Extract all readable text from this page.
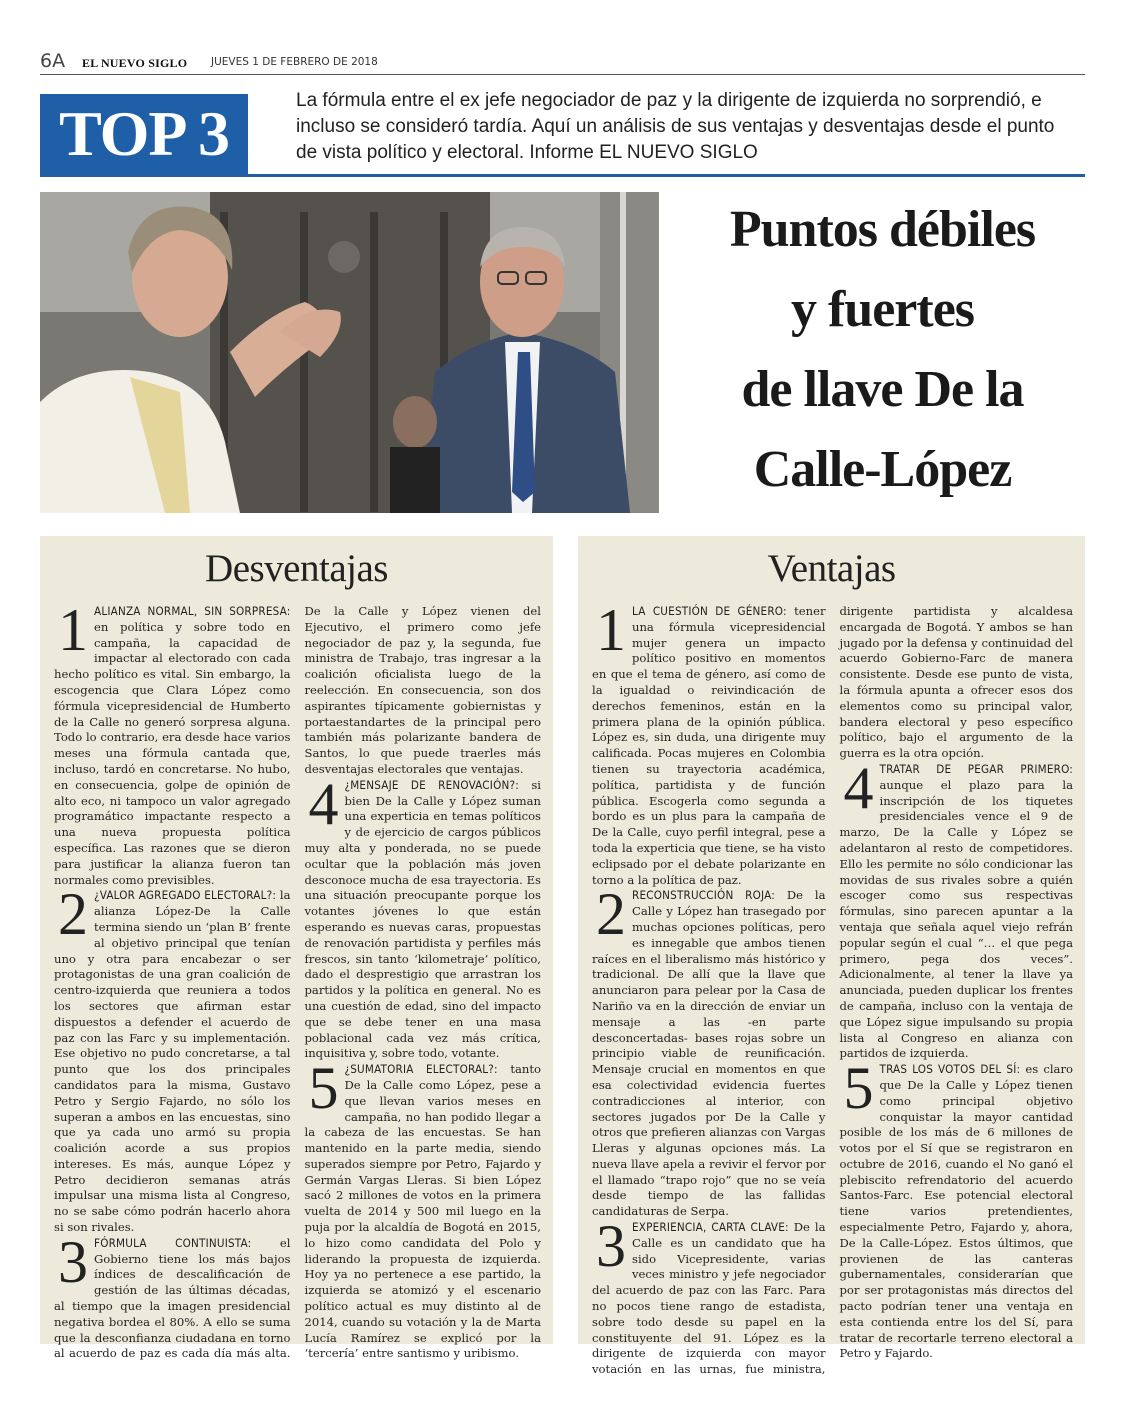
6A EL NUEVO SIGLO JUEVES 1 DE FEBRERO DE 2018
TOP 3	La fórmula entre el ex jefe negociador de paz y la dirigente de izquierda no sorprendió, e incluso se consideró tardía. Aquí un análisis de sus ventajas y desventajas desde el punto de vista político y electoral. Informe EL NUEVO SIGLO
Puntos débiles
y fuertes
de llave De la
Calle-López
Desventajas

1 ALIANZA NORMAL, SIN SORPRESA: en política y sobre todo en campaña, la capacidad de impactar al electorado con cada hecho político es vital. Sin embargo, la escogencia que Clara López como fórmula vicepresidencial de Humberto de la Calle no generó sorpresa alguna. Todo lo contrario, era desde hace varios meses una fórmula cantada que, incluso, tardó en concretarse. No hubo, en consecuencia, golpe de opinión de alto eco, ni tampoco un valor agregado programático impactante respecto a una nueva propuesta política específica. Las razones que se dieron para justificar la alianza fueron tan normales como previsibles.

2 ¿VALOR AGREGADO ELECTORAL?: la alianza López-De la Calle termina siendo un ‘plan B’ frente al objetivo principal que tenían uno y otra para encabezar o ser protagonistas de una gran coalición de centro-izquierda que reuniera a todos los sectores que afirman estar dispuestos a defender el acuerdo de paz con las Farc y su implementación. Ese objetivo no pudo concretarse, a tal punto que los dos principales candidatos para la misma, Gustavo Petro y Sergio Fajardo, no sólo los superan a ambos en las encuestas, sino que ya cada uno armó su propia coalición acorde a sus propios intereses. Es más, aunque López y Petro decidieron semanas atrás impulsar una misma lista al Congreso, no se sabe cómo podrán hacerlo ahora si son rivales.

3 FÓRMULA CONTINUISTA: el Gobierno tiene los más bajos índices de descalificación de gestión de las últimas décadas, al tiempo que la imagen presidencial negativa bordea el 80%. A ello se suma que la desconfianza ciudadana en torno al acuerdo de paz es cada día más alta. De la Calle y López vienen del Ejecutivo, el primero como jefe negociador de paz y, la segunda, fue ministra de Trabajo, tras ingresar a la coalición oficialista luego de la reelección. En consecuencia, son dos aspirantes típicamente gobiernistas y portaestandartes de la principal pero también más polarizante bandera de Santos, lo que puede traerles más desventajas electorales que ventajas.

4 ¿MENSAJE DE RENOVACIÓN?: si bien De la Calle y López suman una experticia en temas políticos y de ejercicio de cargos públicos muy alta y ponderada, no se puede ocultar que la población más joven desconoce mucha de esa trayectoria. Es una situación preocupante porque los votantes jóvenes lo que están esperando es nuevas caras, propuestas de renovación partidista y perfiles más frescos, sin tanto ‘kilometraje’ político, dado el desprestigio que arrastran los partidos y la política en general. No es una cuestión de edad, sino del impacto que se debe tener en una masa poblacional cada vez más crítica, inquisitiva y, sobre todo, votante.

5 ¿SUMATORIA ELECTORAL?: tanto De la Calle como López, pese a que llevan varios meses en campaña, no han podido llegar a la cabeza de las encuestas. Se han mantenido en la parte media, siendo superados siempre por Petro, Fajardo y Germán Vargas Lleras. Si bien López sacó 2 millones de votos en la primera vuelta de 2014 y 500 mil luego en la puja por la alcaldía de Bogotá en 2015, lo hizo como candidata del Polo y liderando la propuesta de izquierda. Hoy ya no pertenece a ese partido, la izquierda se atomizó y el escenario político actual es muy distinto al de 2014, cuando su votación y la de Marta Lucía Ramírez se explicó por la ‘tercería’ entre santismo y uribismo.

Ventajas

1 LA CUESTIÓN DE GÉNERO: tener una fórmula vicepresidencial mujer genera un impacto político positivo en momentos en que el tema de género, así como de la igualdad o reivindicación de derechos femeninos, están en la primera plana de la opinión pública. López es, sin duda, una dirigente muy calificada. Pocas mujeres en Colombia tienen su trayectoria académica, política, partidista y de función pública. Escogerla como segunda a bordo es un plus para la campaña de De la Calle, cuyo perfil integral, pese a toda la experticia que tiene, se ha visto eclipsado por el debate polarizante en torno a la política de paz.

2 RECONSTRUCCIÓN ROJA: De la Calle y López han trasegado por muchas opciones políticas, pero es innegable que ambos tienen raíces en el liberalismo más histórico y tradicional. De allí que la llave que anunciaron para pelear por la Casa de Nariño va en la dirección de enviar un mensaje a las -en parte desconcertadas- bases rojas sobre un principio viable de reunificación. Mensaje crucial en momentos en que esa colectividad evidencia fuertes contradicciones al interior, con sectores jugados por De la Calle y otros que prefieren alianzas con Vargas Lleras y algunas opciones más. La nueva llave apela a revivir el fervor por el llamado “trapo rojo” que no se veía desde tiempo de las fallidas candidaturas de Serpa.

3 EXPERIENCIA, CARTA CLAVE: De la Calle es un candidato que ha sido Vicepresidente, varias veces ministro y jefe negociador del acuerdo de paz con las Farc. Para no pocos tiene rango de estadista, sobre todo desde su papel en la constituyente del 91. López es la dirigente de izquierda con mayor votación en las urnas, fue ministra, dirigente partidista y alcaldesa encargada de Bogotá. Y ambos se han jugado por la defensa y continuidad del acuerdo Gobierno-Farc de manera consistente. Desde ese punto de vista, la fórmula apunta a ofrecer esos dos elementos como su principal valor, bandera electoral y peso específico político, bajo el argumento de la guerra es la otra opción.

4 TRATAR DE PEGAR PRIMERO: aunque el plazo para la inscripción de los tiquetes presidenciales vence el 9 de marzo, De la Calle y López se adelantaron al resto de competidores. Ello les permite no sólo condicionar las movidas de sus rivales sobre a quién escoger como sus respectivas fórmulas, sino parecen apuntar a la ventaja que señala aquel viejo refrán popular según el cual “… el que pega primero, pega dos veces”. Adicionalmente, al tener la llave ya anunciada, pueden duplicar los frentes de campaña, incluso con la ventaja de que López sigue impulsando su propia lista al Congreso en alianza con partidos de izquierda.

5 TRAS LOS VOTOS DEL SÍ: es claro que De la Calle y López tienen como principal objetivo conquistar la mayor cantidad posible de los más de 6 millones de votos por el Sí que se registraron en octubre de 2016, cuando el No ganó el plebiscito refrendatorio del acuerdo Santos-Farc. Ese potencial electoral tiene varios pretendientes, especialmente Petro, Fajardo y, ahora, De la Calle-López. Estos últimos, que provienen de las canteras gubernamentales, considerarían que por ser protagonistas más directos del pacto podrían tener una ventaja en esta contienda entre los del Sí, para tratar de recortarle terreno electoral a Petro y Fajardo.
